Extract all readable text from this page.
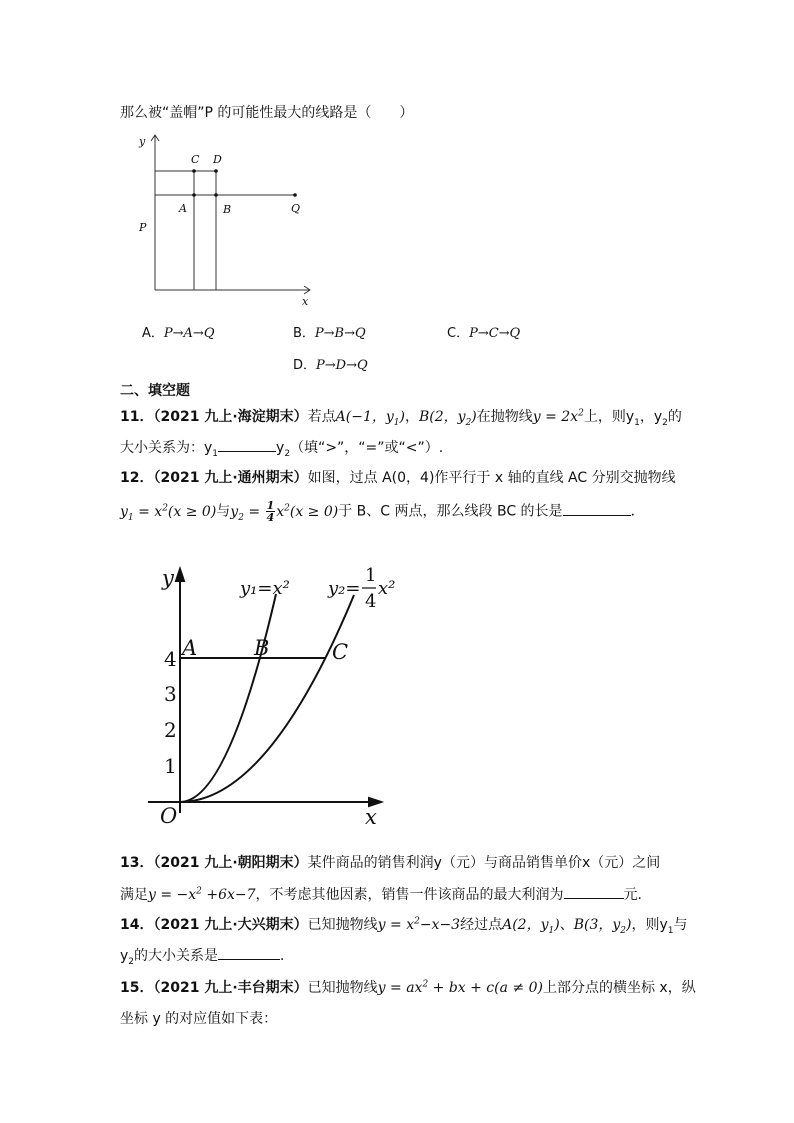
那么被“盖帽”P 的可能性最大的线路是（　　）
y
C D
A	B	Q
P
x
A．P→A→Q	B．P→B→Q	C．P→C→Q
D．P→D→Q
二、填空题
11．（2021 九上·海淀期末）若点A(−1，$y_1$)，B(2，$y_2$)在抛物线$y = 2x^2$上，则$y_1$，$y_2$的
大小关系为：$y_1$	$y_2$（填“>”，“=”或“<”）.
12．（2021 九上·通州期末）如图，过点 A(0，4)作平行于 x 轴的直线 AC 分别交抛物线
$y_1 = x^2(x \ge 0)$与$y_2 = \frac{1}{4} x^2(x \ge 0)$于 B、C 两点，那么线段 BC 的长是	．
y
x
O
A	B	C
1
2
3
4
y₁=x² y₂=
1
4
x²
13．（2021 九上·朝阳期末）某件商品的销售利润y（元）与商品销售单价x（元）之间
满足$y = -x^2 +6x-7$，不考虑其他因素，销售一件该商品的最大利润为	元．
14．（2021 九上·大兴期末）已知抛物线$y = x^2-x-3$经过点A(2，$y_1$)、B(3，$y_2$)，则$y_1$与
$y_2$的大小关系是	．
15．（2021 九上·丰台期末）已知抛物线$y = ax^2$ + bx + c(a ≠ 0)上部分点的横坐标 x，纵
坐标 y 的对应值如下表：
